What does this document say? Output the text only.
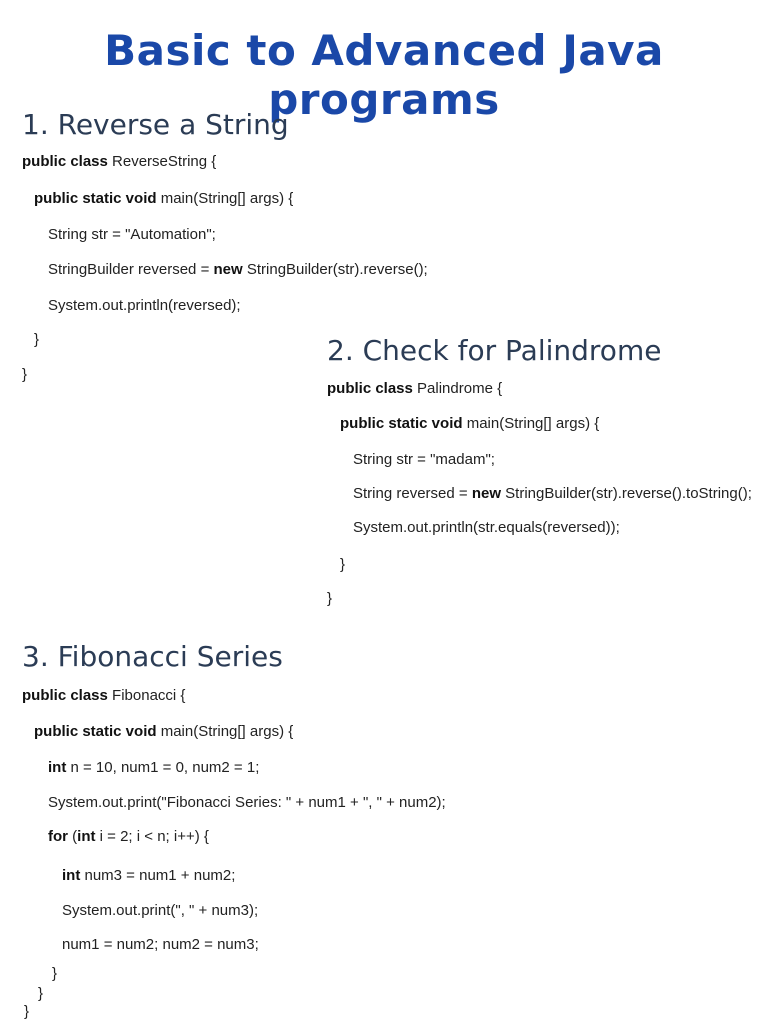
Basic to Advanced Java programs
1. Reverse a String
public class ReverseString {
public static void main(String[] args) {
String str = "Automation";
StringBuilder reversed = new StringBuilder(str).reverse();
System.out.println(reversed);
}
}
2. Check for Palindrome
public class Palindrome {
public static void main(String[] args) {
String str = "madam";
String reversed = new StringBuilder(str).reverse().toString();
System.out.println(str.equals(reversed));
}
}
3. Fibonacci Series
public class Fibonacci {
public static void main(String[] args) {
int n = 10, num1 = 0, num2 = 1;
System.out.print("Fibonacci Series: " + num1 + ", " + num2);
for (int i = 2; i < n; i++) {
int num3 = num1 + num2;
System.out.print(", " + num3);
num1 = num2; num2 = num3;
}
}
}
